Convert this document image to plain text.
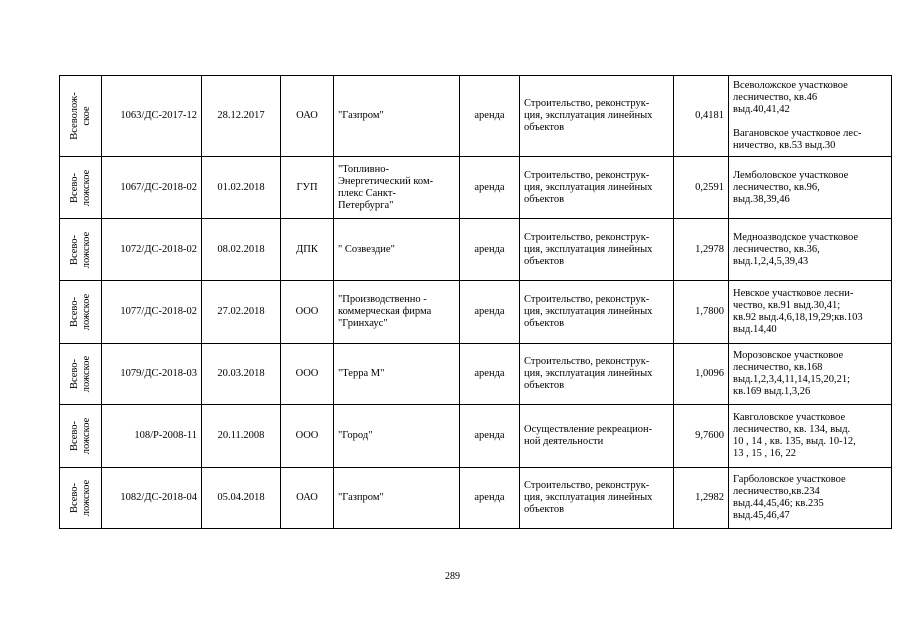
Всеволож- ское	1063/ДС-2017-12	28.12.2017	ОАО	"Газпром"	аренда	Строительство, реконструк-
ция, эксплуатация линейных
объектов	0,4181	Всеволожское участковое
лесничество, кв.46
выд.40,41,42
Вагановское участковое лес-
ничество, кв.53 выд.30

Всево- ложское	1067/ДС-2018-02	01.02.2018	ГУП	"Топливно-
Энергетический ком-
плекс Санкт-
Петербурга"	аренда	Строительство, реконструк-
ция, эксплуатация линейных
объектов	0,2591	Лемболовское участковое
лесничество, кв.96,
выд.38,39,46

Всево- ложское	1072/ДС-2018-02	08.02.2018	ДПК	" Созвездие"	аренда	Строительство, реконструк-
ция, эксплуатация линейных
объектов	1,2978	Медноазводское участковое
лесничество, кв.36,
выд.1,2,4,5,39,43

Всево- ложское	1077/ДС-2018-02	27.02.2018	ООО	"Производственно -
коммерческая фирма
"Гринхаус"	аренда	Строительство, реконструк-
ция, эксплуатация линейных
объектов	1,7800	Невское участковое лесни-
чество, кв.91 выд.30,41;
кв.92 выд.4,6,18,19,29;кв.103
выд.14,40

Всево- ложское	1079/ДС-2018-03	20.03.2018	ООО	"Терра М"	аренда	Строительство, реконструк-
ция, эксплуатация линейных
объектов	1,0096	Морозовское участковое
лесничество, кв.168
выд.1,2,3,4,11,14,15,20,21;
кв.169 выд.1,3,26

Всево- ложское	108/Р-2008-11	20.11.2008	ООО	"Город"	аренда	Осуществление рекреацион-
ной деятельности	9,7600	Кавголовское участковое
лесничество, кв. 134, выд.
10 , 14 , кв. 135, выд. 10-12,
13 , 15 , 16, 22

Всево- ложское	1082/ДС-2018-04	05.04.2018	ОАО	"Газпром"	аренда	Строительство, реконструк-
ция, эксплуатация линейных
объектов	1,2982	Гарболовское участковое
лесничество,кв.234
выд.44,45,46; кв.235
выд.45,46,47
289
